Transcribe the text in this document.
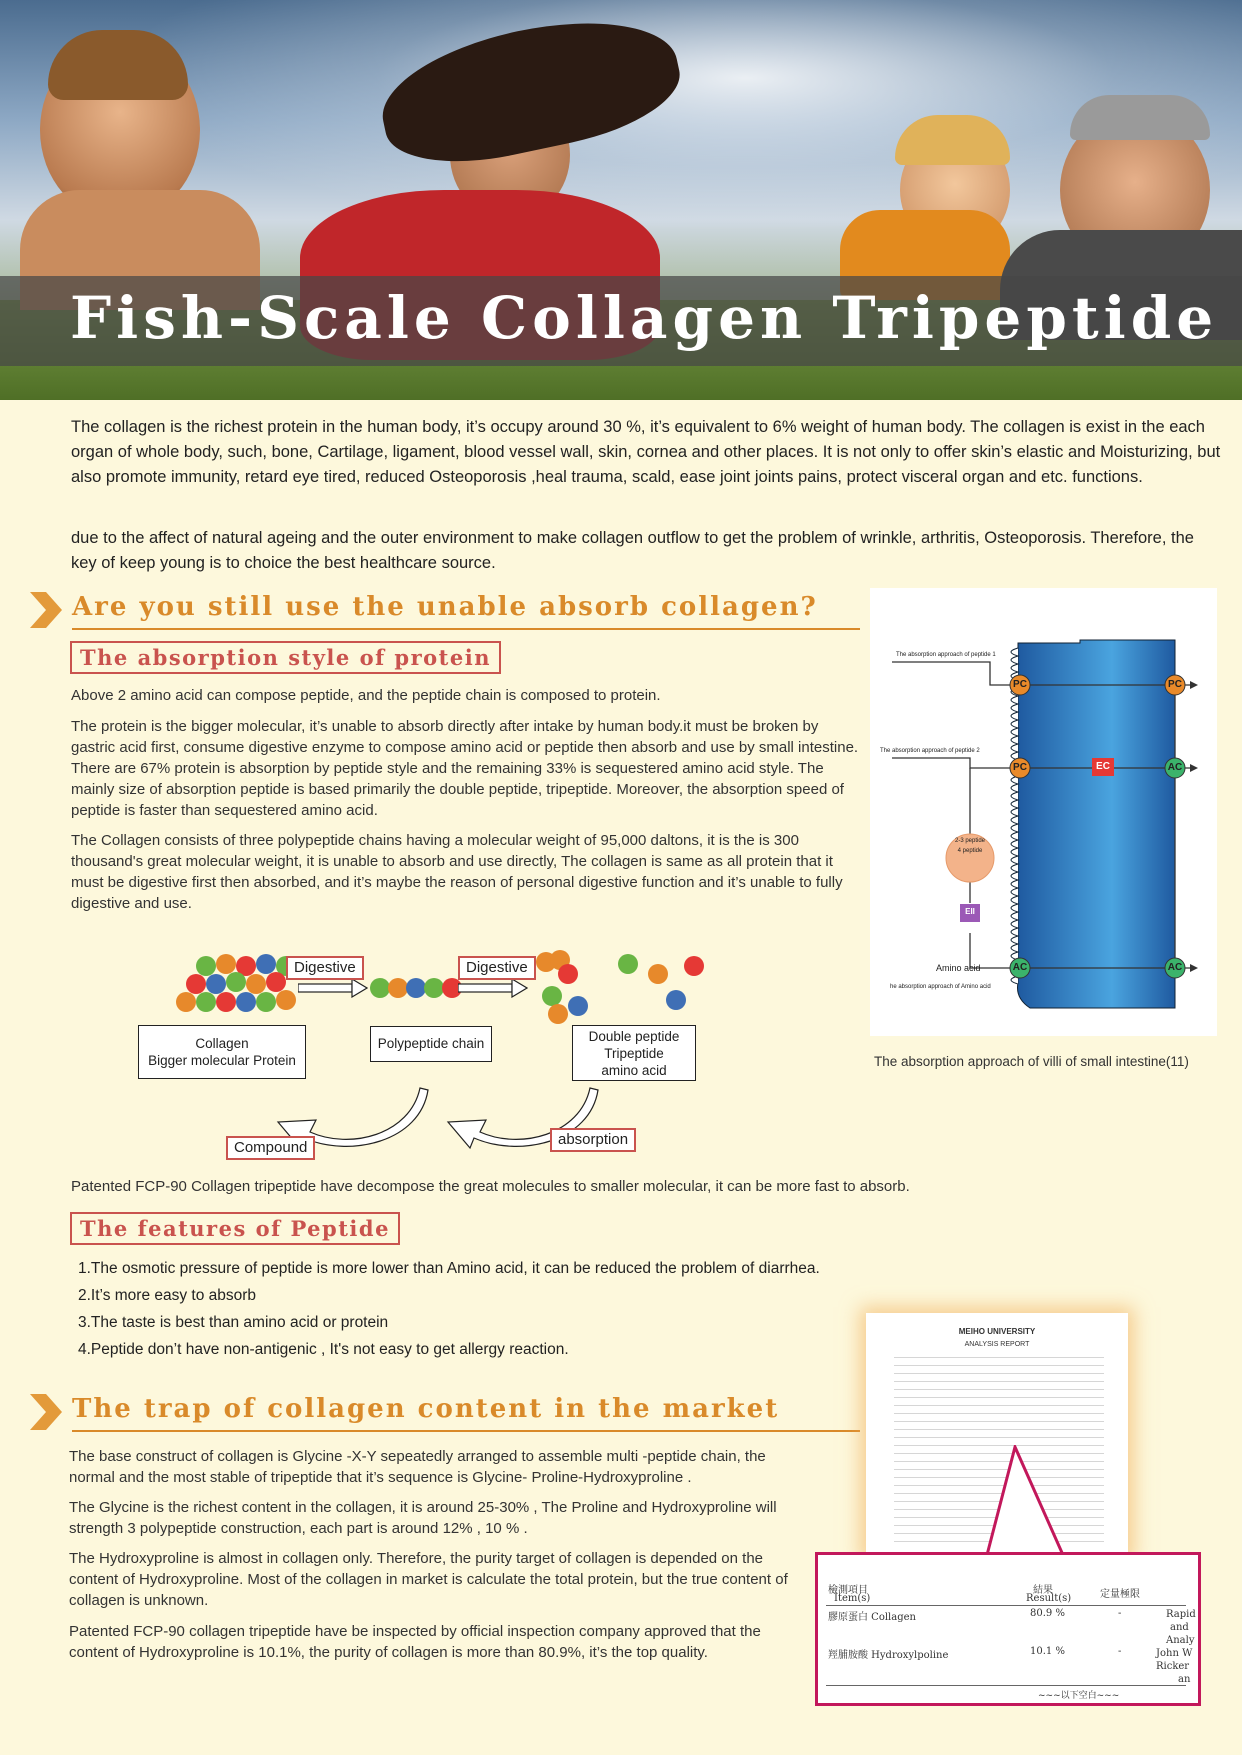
Fish-Scale Collagen Tripeptide

The collagen is the richest protein in the human body, it’s occupy around 30 %, it’s equivalent to 6% weight of human body. The collagen is exist in the each organ of whole body, such, bone, Cartilage, ligament, blood vessel wall, skin, cornea and other places. It is not only to offer skin’s elastic and Moisturizing, but also promote immunity, retard eye tired, reduced Osteoporosis ,heal trauma, scald, ease joint joints pains, protect visceral organ and etc. functions.

due to the affect of natural ageing and the outer environment to make collagen outflow to get the problem of wrinkle, arthritis, Osteoporosis. Therefore, the key of keep young is to choice the best healthcare source.

Are you still use the unable absorb collagen?
The absorption style of protein

Above 2 amino acid can compose peptide, and the peptide chain is composed to protein.

The protein is the bigger molecular, it’s unable to absorb directly after intake by human body.it must be broken by gastric acid first, consume digestive enzyme to compose amino acid or peptide then absorb and use by small intestine. There are 67% protein is absorption by peptide style and the remaining 33% is sequestered amino acid style. The mainly size of absorption peptide is based primarily the double peptide, tripeptide. Moreover, the absorption speed of peptide is faster than sequestered amino acid.

The Collagen consists of three polypeptide chains having a molecular weight of 95,000 daltons, it is the is 300 thousand's great molecular weight, it is unable to absorb and use directly, The collagen is same as all protein that it must be digestive first then absorbed, and it’s maybe the reason of personal digestive function and it’s unable to fully digestive and use.

Digestive	Digestive
Collagen
Bigger molecular Protein
Polypeptide chain	Double peptide
Tripeptide
amino acid
Compound	absorption
The absorption approach of peptide 1
The absorption approach of peptide 2
Amino acid
he absorption approach of Amino acid
2-3 peptide
4 peptide
PC	PC
PC	AC
AC	AC
EC
EII
The absorption approach of villi of small intestine(11)

Patented FCP-90 Collagen tripeptide have decompose the great molecules to smaller molecular, it can be more fast to absorb.

The features of Peptide
1.The osmotic pressure of peptide is more lower than Amino acid, it can be reduced the problem of diarrhea.
2.It’s more easy to absorb
3.The taste is best than amino acid or protein
4.Peptide don’t have non-antigenic , It's not easy to get allergy reaction.
The trap of collagen content in the market

The base construct of collagen is Glycine -X-Y sepeatedly arranged to assemble multi -peptide chain, the normal and the most stable of tripeptide that it’s sequence is Glycine- Proline-Hydroxyproline .

The Glycine is the richest content in the collagen, it is around 25-30% , The Proline and Hydroxyproline will strength 3 polypeptide construction, each part is around 12% , 10 % .

The Hydroxyproline is almost in collagen only. Therefore, the purity target of collagen is depended on the content of Hydroxyproline. Most of the collagen in market is calculate the total protein, but the true content of collagen is unknown.

Patented FCP-90 collagen tripeptide have be inspected by official inspection company approved that the content of Hydroxyproline is 10.1%, the purity of collagen is more than 80.9%, it’s the top quality.

MEIHO UNIVERSITY
ANALYSIS REPORT
檢測項目
Item(s)
結果
Result(s)	定量極限
膠原蛋白 Collagen	80.9 %	-
羥脯胺酸 Hydroxylpoline	10.1 %	-
Rapid
and
Analy
John W
Ricker
an
~~~以下空白~~~
